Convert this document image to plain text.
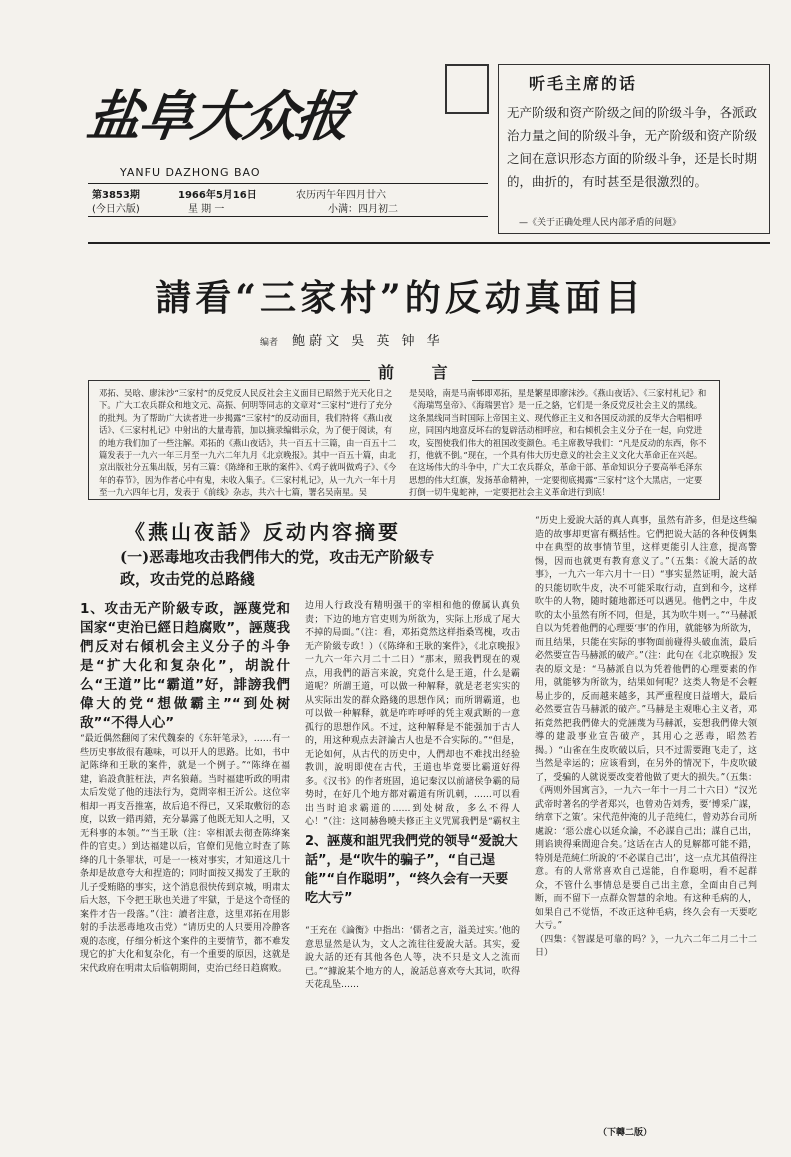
盐阜大众报
YANFU DAZHONG BAO
第3853期
(今日六版)
1966年5月16日
星 期 一
农历丙午年四月廿六
小满：四月初二
听毛主席的话
无产阶级和资产阶级之间的阶级斗争，各派政治力量之间的阶级斗争，无产阶级和资产阶级之间在意识形态方面的阶级斗争，还是长时期的，曲折的，有时甚至是很激烈的。
—《关于正确处理人民内部矛盾的问题》
請看“三家村”的反动真面目
编者 鲍蔚文 吳 英 钟 华
邓拓、吴晗、廖沫沙“三家村”的反党反人民反社会主义面目已昭然于光天化日之下。广大工农兵群众和地文元、高振、何明等同志的文章对“三家村”进行了充分的批判。为了帮助广大读者进一步揭露“三家村”的反动面目，我们特将《燕山夜话》、《三家村札记》中射出的大量毒箭，加以摘录编辑示众，为了便于阅读，有的地方我们加了一些注解。邓拓的《燕山夜话》，共一百五十三篇，由一百五十二篇发表于一九六一年三月至一九六二年九月《北京晚报》。其中一百五十篇，由北京出版社分五集出版，另有三篇：《陈绛和王耿的案件》、《鸡子就叫做鸡子》、《今年的春节》，因为作者心中有鬼，未收入集子。《三家村札记》，从一九六一年十月至一九六四年七月，发表于《前线》杂志，共六十七篇，署名吴南星。吴
是吴晗，南是马南邨即邓拓，星是繁星即廖沫沙。《燕山夜话》、《三家村札记》和《海瑞骂皇帝》、《海瑞罢官》是一丘之貉，它们是一条反党反社会主义的黑线。这条黑线同当时国际上帝国主义、现代修正主义和各国反动派的反华大合唱相呼应，同国内地富反坏右的复辟活动相呼应，和右倾机会主义分子在一起，向党进攻，妄图使我们伟大的祖国改变颜色。毛主席教导我们：“凡是反动的东西，你不打，他就不倒。”现在，一个具有伟大历史意义的社会主义文化大革命正在兴起。在这场伟大的斗争中，广大工农兵群众，革命干部、革命知识分子要高举毛泽东思想的伟大红旗，发扬革命精神，一定要彻底揭露“三家村”这个大黑店，一定要打倒一切牛鬼蛇神，一定要把社会主义革命进行到底！
前 言
《燕山夜話》反动内容摘要
(一)恶毒地攻击我們伟大的党，攻击无产阶級专政，攻击党的总路綫
1、攻击无产阶級专政，誣蔑党和国家“吏治已經日趋腐败”，誣蔑我們反对右傾机会主义分子的斗争是“扩大化和复杂化”，胡說什么“王道”比“霸道”好，誹謗我們偉大的党“想做霸主”“到处树敌”“不得人心”
“最近偶然翻阅了宋代魏泰的《东轩笔录》，……有一些历史事故很有趣味，可以开人的思路。比如，书中記陈绛和王耿的案件，就是一个例子。”“陈绛在福建，谄設貪脏枉法，声名狼藉。当时福建听政的明肃太后发觉了他的违法行为，竟問宰相王沂公。这位宰相却一再支吾推塞，故后追不得已，又采取敷衍的态度，以致一錯再錯，充分暴露了他既无知人之明，又无科事的本领。”“当王耿（注：宰相派去彻查陈绛案件的官吏。）到达福建以后，官僚们见他立时查了陈绛的几十条罪状，可是一一核对事实，才知道这几十条却是故意夸大和捏造的；同时面按又揭发了王耿的儿子受贿賂的事实，这个消息很快传到京城，明肃太后大怒，下令把王耿也关进了牢獄，于是这个奇怪的案件才告一段落。”（注：讀者注意，这里邓拓在用影射的手法恶毒地攻击党）“请历史的人只要用冷静客观的态度，仔细分析这个案件的主要情节，都不难发现它的扩大化和复杂化，有一个重要的原因，这就是宋代政府在明肃太后临朝期间，吏治已经日趋腐败。
边用人行政没有精明强干的宰相和他的僚属认真负责；下边的地方官吏则为所欲为，实际上形成了尾大不掉的局面。”（注：看，邓拓竟然这样指桑骂槐，攻击无产阶級专政！）（《陈绛和王耿的案件》，《北京晚报》一九六一年六月二十二日）“那末，照我們现在的观点，用我們的語言来說，究竟什么是王道，什么是霸道呢？所謂王道，可以做一种解释，就是老老实实的从实际出发的群众路綫的思想作风；而所谓霸道，也可以做一种解释，就是咋咋呼呼的凭主观武断的一意孤行的思想作风。不过，这种解释是不能强加于古人的，用这种观点去評論古人也是不合实际的。”“但是，无论如何，从古代的历史中，人們却也不难找出经验教训，說明即使在古代，王道也毕竟要比霸道好得多。《汉书》的作者班固，追记秦汉以前諸侯争霸的局势时，在好几个地方都对霸道有所讥刺，……可以看出当时追求霸道的……到处树敌，多么不得人心！”（注：这同赫魯曉夫修正主义咒罵我們是“霸权主
2、誣蔑和詛咒我們党的领导“爱說大話”，是“吹牛的骗子”，“自己逞能”“自作聪明”，“终久会有一天要吃大亏”
“王充在《論衡》中指出：‘儒者之言，溢美过实。’他的意思显然是认为，文人之流往往爱說大話。其实，爱說大話的还有其他各色人等，决不只是文人之流而已。”“據說某个地方的人，說話总喜欢夸大其词，吹得天花乱坠……
“历史上爱說大話的真人真事，虽然有許多，但是这些编造的故事却更富有概括性。它們把说大話的各种伎俩集中在典型的故事情节里，这样更能引人注意，提高警惕，因而也就更有教育意义了。”（五集：《說大話的故事》，一九六一年六月十一日）“事实显然证明，說大話的只能切吹牛皮，决不可能采取行动，直到和今，这样吹牛的人物，随时随地都还可以遇见。他們之中，牛皮吹的太小虽然有所不同，但是，其为吹牛则一。”“马赫派自以为凭着他們的心理要‘事’的作用，就能够为所欲为，而且结果，只能在实际的事物面前碰得头破血流，最后必然要宣告马赫派的破产。”（注：此句在《北京晚报》发表的原文是：“马赫派自以为凭着他們的心理要素的作用，就能够为所欲为，结果如何呢？这类人物是不会輕易止步的，反而越来越多，其严重程度日益增大，最后必然要宣告马赫派的破产。”马赫是主观唯心主义者，邓拓竟然把我們偉大的党誣蔑为马赫派，妄想我們偉大领導的建設事业宣告破产，其用心之恶毒，昭然若揭。）“山雀在生皮吹破以后，只不过需要跑飞走了，这当然是幸运的；应该看到，在另外的情况下，牛皮吹破了，受骗的人就说要改变着他做了更大的损失。”（五集：《两则外国寓言》，一九六一年十一月二十六日）“汉光武帝时著名的学者郑兴，也曾劝告刘秀，要‘博采广謀，纳章下之策’。宋代范仲淹的儿子范纯仁，曾劝苏台司所處說：‘惡公虚心以延众論，不必謀自己出；謀自己出，則谄谀得乘間迎合矣。’这话在古人的見解都可能不錯，特別是范純仁所說的‘不必谋自己出’，这一点尤其值得注意。有的人常常喜欢自己逞能，自作聪明，看不起群众，不管什么事情总是要自己出主意，全面由自己判断，而不留下一点群众智慧的余地。有这种毛病的人，如果自己不觉悟，不改正这种毛病，终久会有一天要吃大亏。”
（四集：《智謀是可靠的吗？》，一九六二年二月二十二日）
（下轉二版）
